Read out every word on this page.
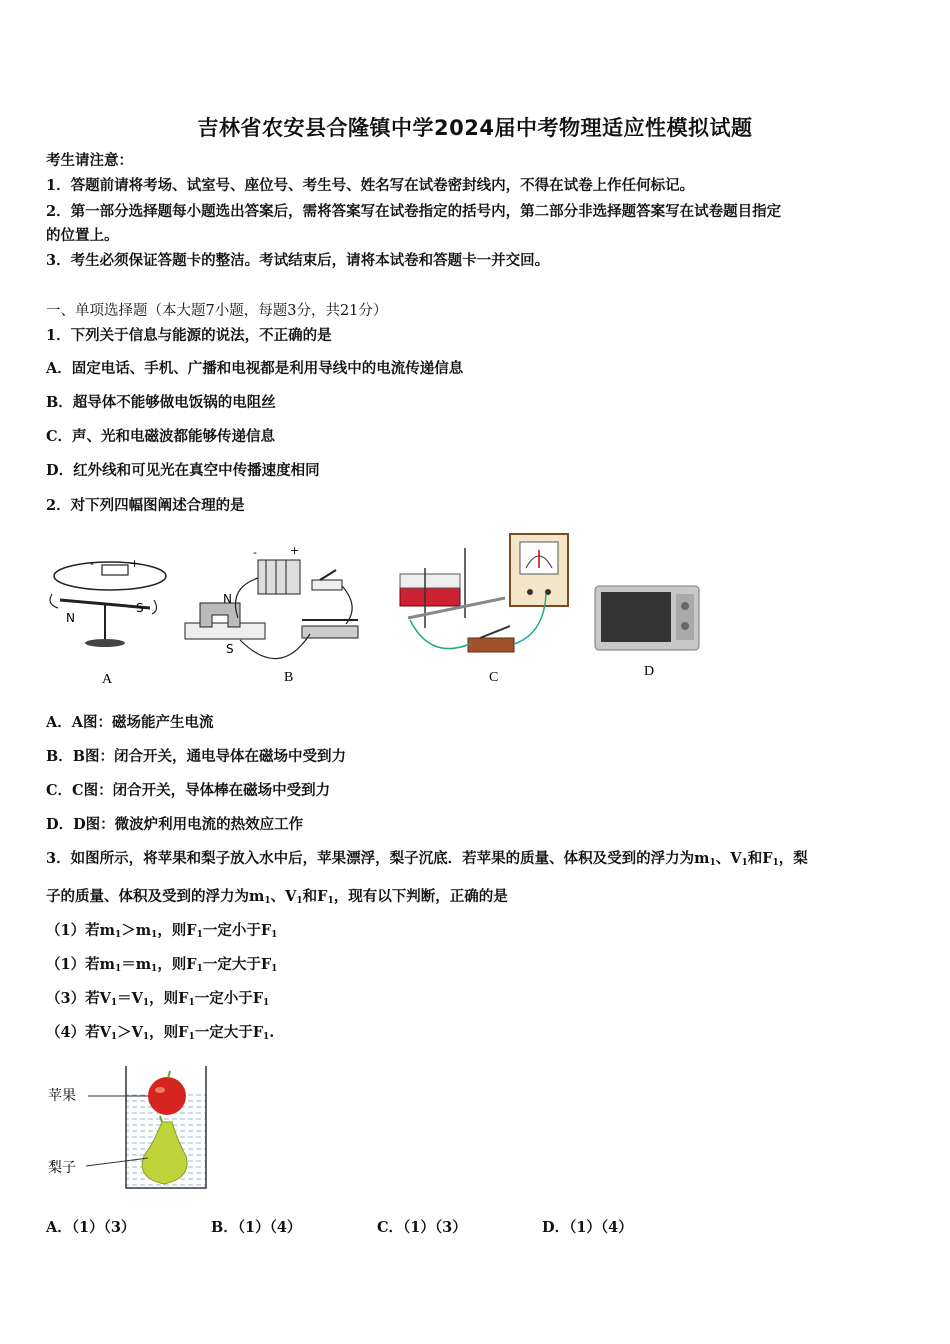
吉林省农安县合隆镇中学2024届中考物理适应性模拟试题
考生请注意：
1．答题前请将考场、试室号、座位号、考生号、姓名写在试卷密封线内，不得在试卷上作任何标记。
2．第一部分选择题每小题选出答案后，需将答案写在试卷指定的括号内，第二部分非选择题答案写在试卷题目指定
的位置上。
3．考生必须保证答题卡的整洁。考试结束后，请将本试卷和答题卡一并交回。
一、单项选择题（本大题7小题，每题3分，共21分）
1．下列关于信息与能源的说法，不正确的是
A．固定电话、手机、广播和电视都是利用导线中的电流传递信息
B．超导体不能够做电饭锅的电阻丝
C．声、光和电磁波都能够传递信息
D．红外线和可见光在真空中传播速度相同
2．对下列四幅图阐述合理的是
-	+
N
S
-	+
N
S
A	B	C	D
A．A图：磁场能产生电流
B．B图：闭合开关，通电导体在磁场中受到力
C．C图：闭合开关，导体棒在磁场中受到力
D．D图：微波炉利用电流的热效应工作
3．如图所示，将苹果和梨子放入水中后，苹果漂浮，梨子沉底．若苹果的质量、体积及受到的浮力为$m_1$、$V_1$和$F_1$，梨
子的质量、体积及受到的浮力为$m_1$、$V_1$和$F_1$，现有以下判断，正确的是
（1）若$m_1>m_1$，则$F_1$一定小于$F_1$
（1）若$m_1=m_1$，则$F_1$一定大于$F_1$
（3）若$V_1=V_1$，则$F_1$一定小于$F_1$
（4）若$V_1>V_1$，则$F_1$一定大于$F_1$.
苹果
梨子
A．（1）（3）	B．（1）（4）	C．（1）（3）	D．（1）（4）
